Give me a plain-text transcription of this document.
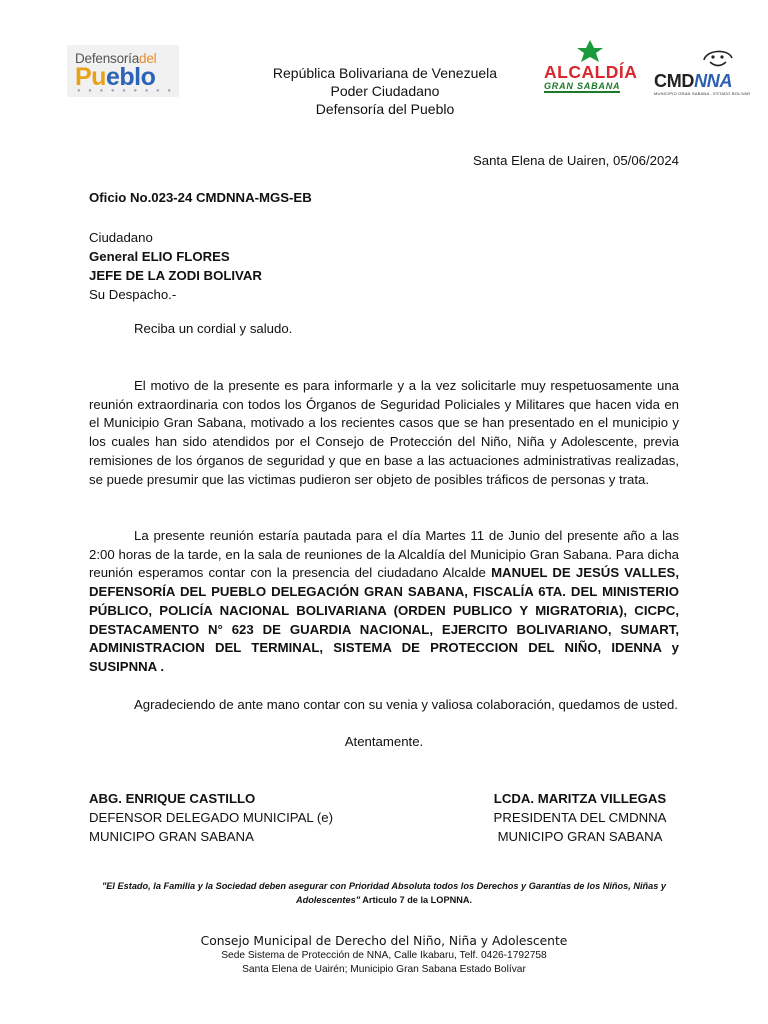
Defensoríadel
Pueblo
● ● ● ● ● ● ● ● ●
República Bolivariana de Venezuela
Poder Ciudadano
Defensoría del Pueblo
ALCALDÍA
GRAN SABANA CMDNNA
MUNICIPIO GRAN SABANA - ESTADO BOLIVAR
Santa Elena de Uairen, 05/06/2024
Oficio No.023-24 CMDNNA-MGS-EB
Ciudadano
General ELIO FLORES
JEFE DE LA ZODI BOLIVAR
Su Despacho.-
Reciba un cordial y saludo.
El motivo de la presente es para informarle y a la vez solicitarle muy respetuosamente una reunión extraordinaria con todos los Órganos de Seguridad Policiales y Militares que hacen vida en el Municipio Gran Sabana, motivado a los recientes casos que se han presentado en el municipio y los cuales han sido atendidos por el Consejo de Protección del Niño, Niña y Adolescente, previa remisiones de los órganos de seguridad y que en base a las actuaciones administrativas realizadas, se puede presumir que las victimas pudieron ser objeto de posibles tráficos de personas y trata.
La presente reunión estaría pautada para el día Martes 11 de Junio del presente año a las 2:00 horas de la tarde, en la sala de reuniones de la Alcaldía del Municipio Gran Sabana. Para dicha reunión esperamos contar con la presencia del ciudadano Alcalde MANUEL DE JESÚS VALLES, DEFENSORÍA DEL PUEBLO DELEGACIÓN GRAN SABANA, FISCALÍA 6TA. DEL MINISTERIO PÚBLICO, POLICÍA NACIONAL BOLIVARIANA (ORDEN PUBLICO Y MIGRATORIA), CICPC, DESTACAMENTO N° 623 DE GUARDIA NACIONAL, EJERCITO BOLIVARIANO, SUMART, ADMINISTRACION DEL TERMINAL, SISTEMA DE PROTECCION DEL NIÑO, IDENNA y SUSIPNNA .
Agradeciendo de ante mano contar con su venia y valiosa colaboración, quedamos de usted.
Atentamente.
ABG. ENRIQUE CASTILLO
DEFENSOR DELEGADO MUNICIPAL (e)
MUNICIPO GRAN SABANA
LCDA. MARITZA VILLEGAS
PRESIDENTA DEL CMDNNA
MUNICIPO GRAN SABANA
"El Estado, la Familia y la Sociedad deben asegurar con Prioridad Absoluta todos los Derechos y Garantías de los Niños, Niñas y Adolescentes" Articulo 7 de la LOPNNA.
Consejo Municipal de Derecho del Niño, Niña y Adolescente
Sede Sistema de Protección de NNA, Calle Ikabaru, Telf. 0426-1792758
Santa Elena de Uairén; Municipio Gran Sabana Estado Bolívar
